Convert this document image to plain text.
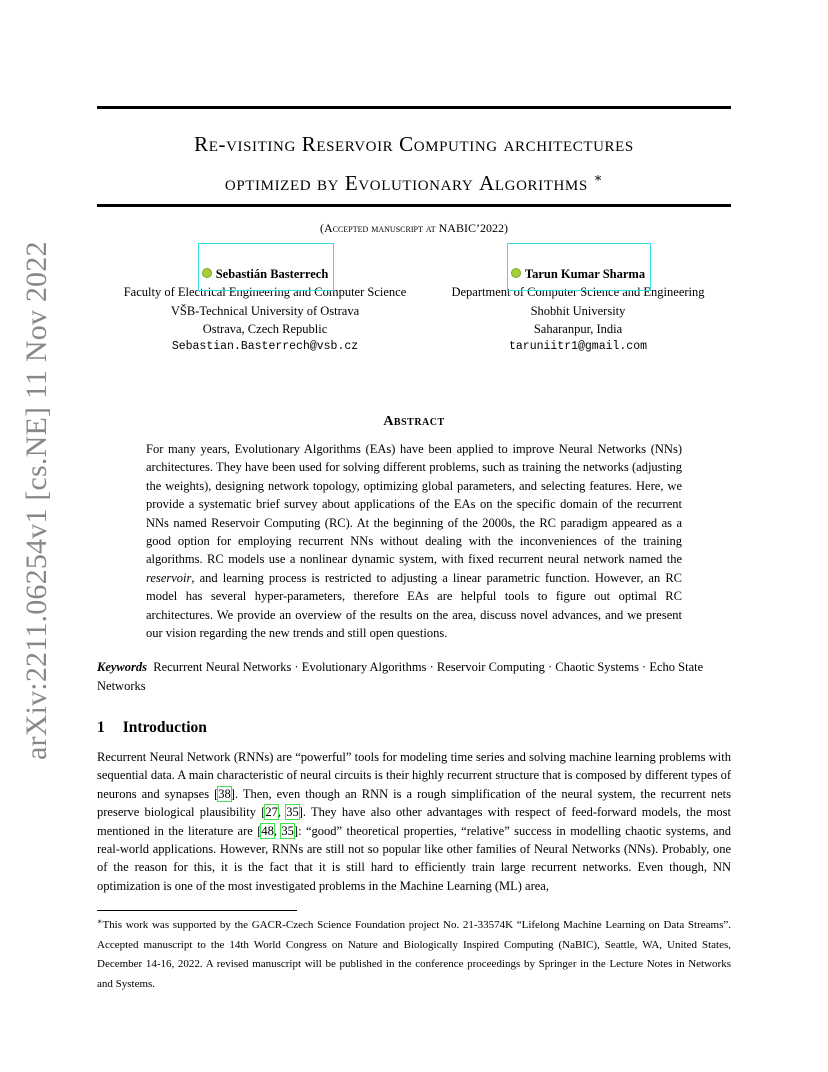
arXiv:2211.06254v1 [cs.NE] 11 Nov 2022
Re-visiting Reservoir Computing architectures
optimized by Evolutionary Algorithms ∗
(Accepted manuscript at NABIC’2022)
Sebastián Basterrech
Faculty of Electrical Engineering and Computer Science
VŠB-Technical University of Ostrava
Ostrava, Czech Republic
Sebastian.Basterrech@vsb.cz
Tarun Kumar Sharma
Department of Computer Science and Engineering
Shobhit University
Saharanpur, India
taruniitr1@gmail.com
Abstract
For many years, Evolutionary Algorithms (EAs) have been applied to improve Neural Networks (NNs) architectures. They have been used for solving different problems, such as training the networks (adjusting the weights), designing network topology, optimizing global parameters, and selecting features. Here, we provide a systematic brief survey about applications of the EAs on the specific domain of the recurrent NNs named Reservoir Computing (RC). At the beginning of the 2000s, the RC paradigm appeared as a good option for employing recurrent NNs without dealing with the inconveniences of the training algorithms. RC models use a nonlinear dynamic system, with fixed recurrent neural network named the reservoir, and learning process is restricted to adjusting a linear parametric function. However, an RC model has several hyper-parameters, therefore EAs are helpful tools to figure out optimal RC architectures. We provide an overview of the results on the area, discuss novel advances, and we present our vision regarding the new trends and still open questions.
Keywords Recurrent Neural Networks · Evolutionary Algorithms · Reservoir Computing · Chaotic Systems · Echo State Networks
1 Introduction
Recurrent Neural Network (RNNs) are “powerful” tools for modeling time series and solving machine learning problems with sequential data. A main characteristic of neural circuits is their highly recurrent structure that is composed by different types of neurons and synapses [38]. Then, even though an RNN is a rough simplification of the neural system, the recurrent nets preserve biological plausibility [27, 35]. They have also other advantages with respect of feed-forward models, the most mentioned in the literature are [48, 35]: “good” theoretical properties, “relative” success in modelling chaotic systems, and real-world applications. However, RNNs are still not so popular like other families of Neural Networks (NNs). Probably, one of the reason for this, it is the fact that it is still hard to efficiently train large recurrent networks. Even though, NN optimization is one of the most investigated problems in the Machine Learning (ML) area,
∗This work was supported by the GACR-Czech Science Foundation project No. 21-33574K “Lifelong Machine Learning on Data Streams”. Accepted manuscript to the 14th World Congress on Nature and Biologically Inspired Computing (NaBIC), Seattle, WA, United States, December 14-16, 2022. A revised manuscript will be published in the conference proceedings by Springer in the Lecture Notes in Networks and Systems.
